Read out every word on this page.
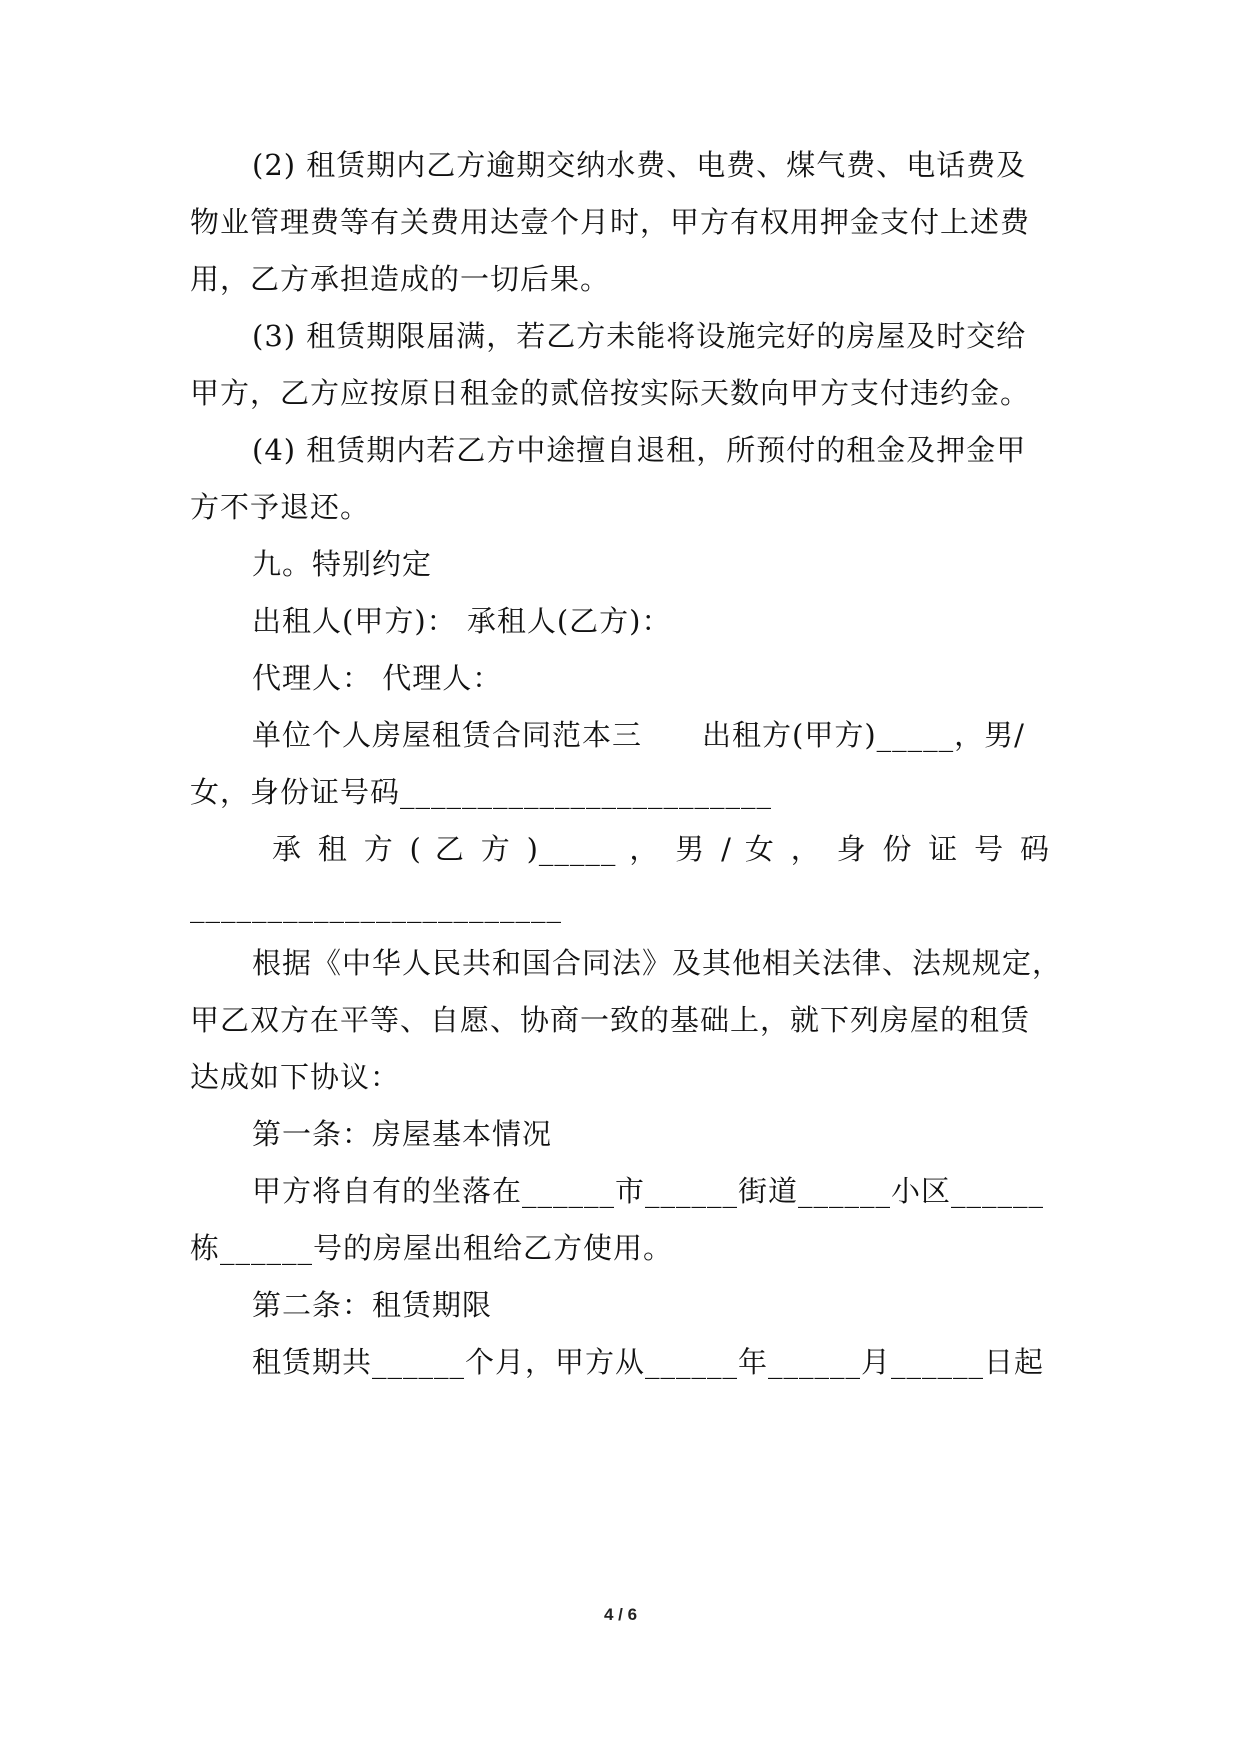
(2) 租赁期内乙方逾期交纳水费、电费、煤气费、电话费及
物业管理费等有关费用达壹个月时，甲方有权用押金支付上述费
用，乙方承担造成的一切后果。
(3) 租赁期限届满，若乙方未能将设施完好的房屋及时交给
甲方，乙方应按原日租金的贰倍按实际天数向甲方支付违约金。
(4) 租赁期内若乙方中途擅自退租，所预付的租金及押金甲
方不予退还。
九。特别约定
出租人(甲方)： 承租人(乙方)：
代理人： 代理人：
单位个人房屋租赁合同范本三　　出租方(甲方)_____，男/
女，身份证号码________________________
承 租 方 ( 乙 方 )_____ ， 男 / 女 ， 身 份 证 号 码
________________________
根据《中华人民共和国合同法》及其他相关法律、法规规定，
甲乙双方在平等、自愿、协商一致的基础上，就下列房屋的租赁
达成如下协议：
第一条：房屋基本情况
甲方将自有的坐落在______市______街道______小区______
栋______号的房屋出租给乙方使用。
第二条：租赁期限
租赁期共______个月，甲方从______年______月______日起
4 / 6
